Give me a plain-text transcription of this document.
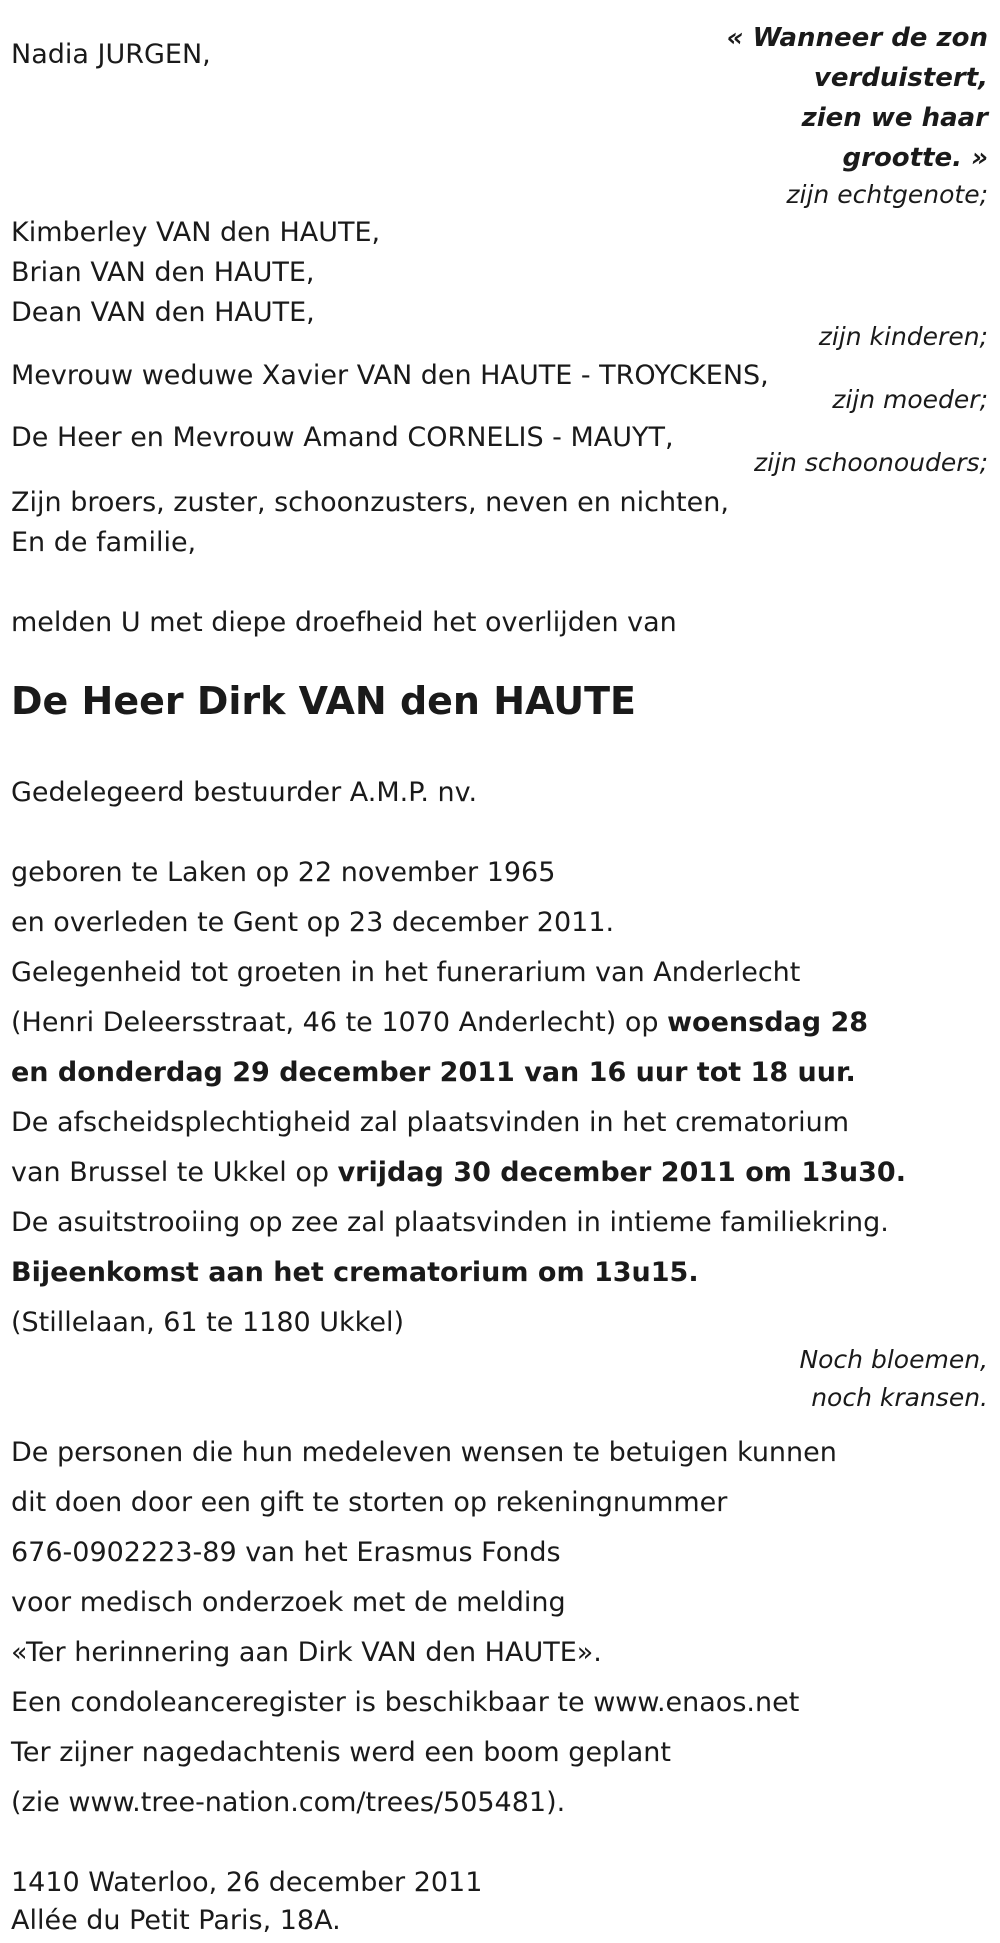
« Wanneer de zon
verduistert,
zien we haar
grootte. »
Nadia JURGEN,
zijn echtgenote;
Kimberley VAN den HAUTE,
Brian VAN den HAUTE,
Dean VAN den HAUTE,
zijn kinderen;
Mevrouw weduwe Xavier VAN den HAUTE - TROYCKENS,
zijn moeder;
De Heer en Mevrouw Amand CORNELIS - MAUYT,
zijn schoonouders;
Zijn broers, zuster, schoonzusters, neven en nichten,
En de familie,
melden U met diepe droefheid het overlijden van
De Heer Dirk VAN den HAUTE
Gedelegeerd bestuurder A.M.P. nv.
geboren te Laken op 22 november 1965
en overleden te Gent op 23 december 2011.
Gelegenheid tot groeten in het funerarium van Anderlecht
(Henri Deleersstraat, 46 te 1070 Anderlecht) op woensdag 28
en donderdag 29 december 2011 van 16 uur tot 18 uur.
De afscheidsplechtigheid zal plaatsvinden in het crematorium
van Brussel te Ukkel op vrijdag 30 december 2011 om 13u30.
De asuitstrooiing op zee zal plaatsvinden in intieme familiekring.
Bijeenkomst aan het crematorium om 13u15.
(Stillelaan, 61 te 1180 Ukkel)
Noch bloemen,
noch kransen.
De personen die hun medeleven wensen te betuigen kunnen
dit doen door een gift te storten op rekeningnummer
676-0902223-89 van het Erasmus Fonds
voor medisch onderzoek met de melding
«Ter herinnering aan Dirk VAN den HAUTE».
Een condoleanceregister is beschikbaar te www.enaos.net
Ter zijner nagedachtenis werd een boom geplant
(zie www.tree-nation.com/trees/505481).
1410 Waterloo, 26 december 2011
Allée du Petit Paris, 18A.
